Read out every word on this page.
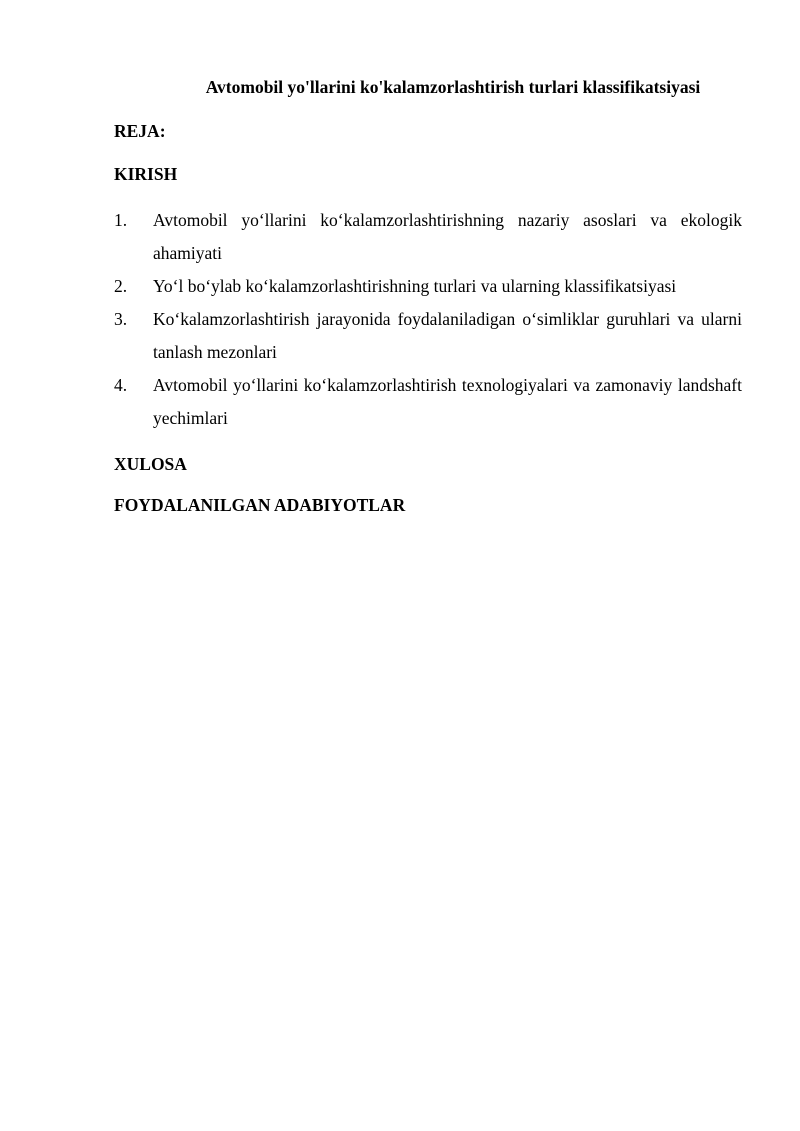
Avtomobil yo'llarini ko'kalamzorlashtirish turlari klassifikatsiyasi

REJA:

KIRISH

1.	Avtomobil yo‘llarini ko‘kalamzorlashtirishning nazariy asoslari va ekologik ahamiyati
2.	Yo‘l bo‘ylab ko‘kalamzorlashtirishning turlari va ularning klassifikatsiyasi
3.	Ko‘kalamzorlashtirish jarayonida foydalaniladigan o‘simliklar guruhlari va ularni tanlash mezonlari
4.	Avtomobil yo‘llarini ko‘kalamzorlashtirish texnologiyalari va zamonaviy landshaft yechimlari

XULOSA

FOYDALANILGAN ADABIYOTLAR
